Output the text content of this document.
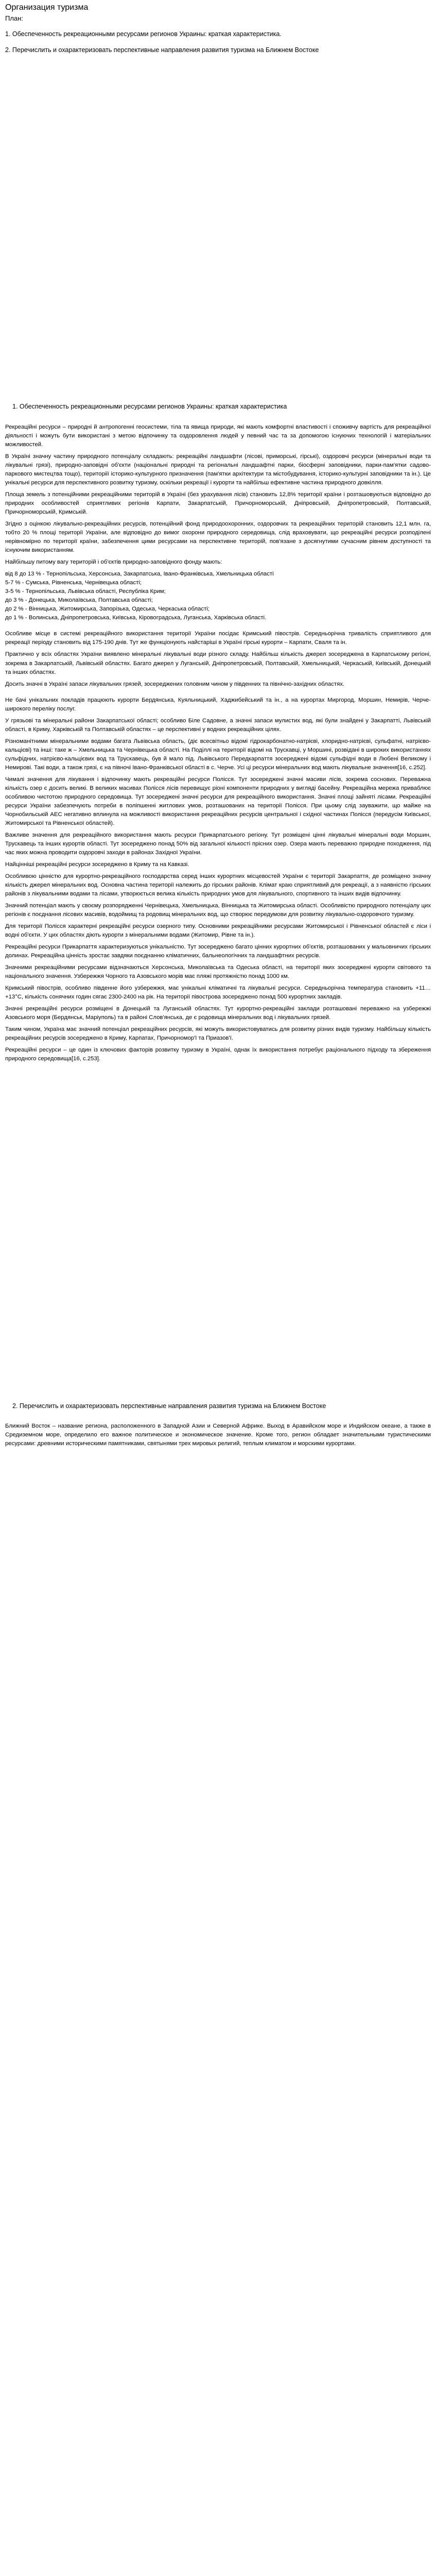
Организация туризма
План:
1. Обеспеченность рекреационными ресурсами регионов Украины: краткая характеристика.
2. Перечислить и охарактеризовать перспективные направления развития туризма на Ближнем Востоке
1. Обеспеченность рекреационными ресурсами регионов Украины: краткая характеристика

Рекреаційні ресурси – природні й антропогенні геосистеми, тіла та явища природи, які мають комфортні властивості і споживчу вартість для рекреаційної діяльності і можуть бути використані з метою відпочинку та оздоровлення людей у певний час та за допомогою існуючих технологій і матеріальних можливостей.

В Україні значну частину природного потенціалу складають: рекреаційні ландшафти (лісові, приморські, гірські), оздоровчі ресурси (мінеральні води та лікувальні грязі), природно-заповідні об'єкти (національні природні та регіональні ландшафтні парки, біосферні заповідники, парки-пам'ятки садово-паркового мистецтва тощо), територіії історико-культурного призначення (пам'ятки архітектури та містобудування, історико-культурні заповідники та ін.). Це унікальні ресурси для перспективного розвитку туризму, оскільки рекреації і курорти та найбільш ефективне частина природного довкілля.

Площа земель з потенційними рекреаційними територій в Україні (без урахування лісів) становить 12,8% території країни і розташовуються відповідно до природних особливостей сприятливих регіонів Карпати, Закарпатській, Причорноморській, Дніпровській, Дніпропетровській, Полтавській, Причорноморській, Кримській.

Згідно з оцінкою лікувально-рекреаційних ресурсів, потенційний фонд природоохоронних, оздоровчих та рекреаційних територій становить 12,1 млн. га, тобто 20 % площі території України, але відповідно до вимог охорони природного середовища, слід враховувати, що рекреаційні ресурси розподілені нерівномірно по території країни, забезпечення цими ресурсами на перспективне територій, пов'язане з досягнутими сучасним рівнем доступності та існуючим використанням.

Найбільшу питому вагу територій і об'єктів природно-заповідного фонду мають:

від 8 до 13 % - Тернопільська, Херсонська, Закарпатська, Івано-Франківська, Хмельницька області

5-7 % - Сумська, Рівненська, Чернівецька області;

3-5 % - Тернопільська, Львівська області, Республіка Крим;

до 3 % - Донецька, Миколаївська, Полтавська області;

до 2 % - Вінницька, Житомирська, Запорізька, Одеська, Черкаська області;

до 1 % - Волинська, Дніпропетровська, Київська, Кіровоградська, Луганська, Харківська області.

Особливе місце в системі рекреаційного використання території України посідає Кримський півострів. Середньорічна тривалість сприятливого для рекреації періоду становить від 175-190 днів. Тут же функціонують найстаріші в Україні гірські курорти – Карпати, Сваля та ін.

Практично у всіх областях України виявлено мінеральні лікувальні води різного складу. Найбільш кількість джерел зосереджена в Карпатському регіоні, зокрема в Закарпатській, Львівській областях. Багато джерел у Луганській, Дніпропетровській, Полтавській, Хмельницькій, Черкаській, Київській, Донецькій та інших областях.

Досить значні в Україні запаси лікувальних грязей, зосереджених головним чином у південних та північно-західних областях.

Не бачі унікальних покладів працюють курорти Бердянська, Куяльницький, Хаджибейський та ін., а на курортах Миргород, Моршин, Немирів, Черче-широкого переліку послуг.

У грязьові та мінеральні райони Закарпатської області; особливо Біле Садовне, а значні запаси мулистих вод, які були знайдені у Закарпатті, Львівській області, в Криму, Харківській та Полтавській областях – це перспективні у водних рекреаційних цілях.

Різноманітними мінеральними водами багата Львівська область, (діє всесвітньо відомі гідрокарбонатно-натрієві, хлоридно-натрієві, сульфатні, натрієво-кальцієві) та інші: таке ж – Хмельницька та Чернівецька області. На Поділлі на території відомі на Трускавці, у Моршині, розвідані в широких використаннях сульфідних, натрієво-кальцієвих вод та Трускавець, був й мало під. Львівського Передкарпаття зосереджені відомі сульфідні води в Любені Великому і Немирові. Такі води, а також грязі, є на півночі Івано-Франківської області в с. Черче. Усі ці ресурси мінеральних вод мають лікувальне значення[16, с.252].

Чималі значення для лікування і відпочинку мають рекреаційні ресурси Полісся. Тут зосереджені значні масиви лісів, зокрема соснових. Переважна кількість озер є досить великі. В великих масивах Полісся лісів перевищує ріоні компоненти природних у вигляді басейну. Рекреаційна мережа приваблює особливою чистотою природного середовища. Тут зосереджені значні ресурси для рекреаційного використання. Значні площі зайняті лісами. Рекреаційні ресурси України забезпечують потреби в поліпшенні житлових умов, розташованих на території Полісся. При цьому слід зауважити, що майже на Чорнобильській АЕС негативно вплинула на можливості використання рекреаційних ресурсів центральної і східної частинах Полісся (передусім Київської, Житомирської та Рівненської областей).

Важливе значення для рекреаційного використання мають ресурси Прикарпатського регіону. Тут розміщені цінні лікувальні мінеральні води Моршин, Трускавець та інших курортів області. Тут зосереджено понад 50% від загальної кількості прісних озер. Озера мають переважно природне походження, під час яких можна проводити оздоровчі заходи в районах Західної України.

Найцінніші рекреаційні ресурси зосереджено в Криму та на Кавказі.

Особливою цінністю для курортно-рекреаційного господарства серед інших курортних місцевостей України є території Закарпаття, де розміщено значну кількість джерел мінеральних вод. Основна частина території належить до гірських районів. Клімат краю сприятливий для рекреації, а з наявністю гірських районів з лікувальними водами та лісами, утворюється велика кількість природних умов для лікувального, спортивного та інших видів відпочинку.

Значний потенціал мають у своєму розпорядженні Чернівецька, Хмельницька, Вінницька та Житомирська області. Особливістю природного потенціалу цих регіонів є поєднання лісових масивів, водоймищ та родовищ мінеральних вод, що створює передумови для розвитку лікувально-оздоровчого туризму.

Для території Полісся характерні рекреаційні ресурси озерного типу. Основними рекреаційними ресурсами Житомирської і Рівненської областей є ліси і водні об'єкти. У цих областях діють курорти з мінеральними водами (Житомир, Рівне та ін.).

Рекреаційні ресурси Прикарпаття характеризуються унікальністю. Тут зосереджено багато цінних курортних об'єктів, розташованих у мальовничих гірських долинах. Рекреаційна цінність зростає завдяки поєднанню кліматичних, бальнеологічних та ландшафтних ресурсів.

Значними рекреаційними ресурсами відзначаються Херсонська, Миколаївська та Одеська області, на території яких зосереджені курорти світового та національного значення. Узбережжя Чорного та Азовського морів має пляжі протяжністю понад 1000 км.

Кримський півострів, особливо південне його узбережжя, має унікальні кліматичні та лікувальні ресурси. Середньорічна температура становить +11…+13°C, кількість сонячних годин сягає 2300-2400 на рік. На території півострова зосереджено понад 500 курортних закладів.

Значні рекреаційні ресурси розміщені в Донецькій та Луганській областях. Тут курортно-рекреаційні заклади розташовані переважно на узбережжі Азовського моря (Бердянськ, Маріуполь) та в районі Слов'янська, де є родовища мінеральних вод і лікувальних грязей.

Таким чином, Україна має значний потенціал рекреаційних ресурсів, які можуть використовуватись для розвитку різних видів туризму. Найбільшу кількість рекреаційних ресурсів зосереджено в Криму, Карпатах, Причорномор'ї та Приазов'ї.

Рекреаційні ресурси – це один із ключових факторів розвитку туризму в Україні, однак їх використання потребує раціонального підходу та збереження природного середовища[16, с.253].

2. Перечислить и охарактеризовать перспективные направления развития туризма на Ближнем Востоке

Ближний Восток – название региона, расположенного в Западной Азии и Северной Африке. Выход в Аравийском море и Индийском океане, а также в Средиземном море, определило его важное политическое и экономическое значение. Кроме того, регион обладает значительными туристическими ресурсами: древними историческими памятниками, святынями трех мировых религий, теплым климатом и морскими курортами.
